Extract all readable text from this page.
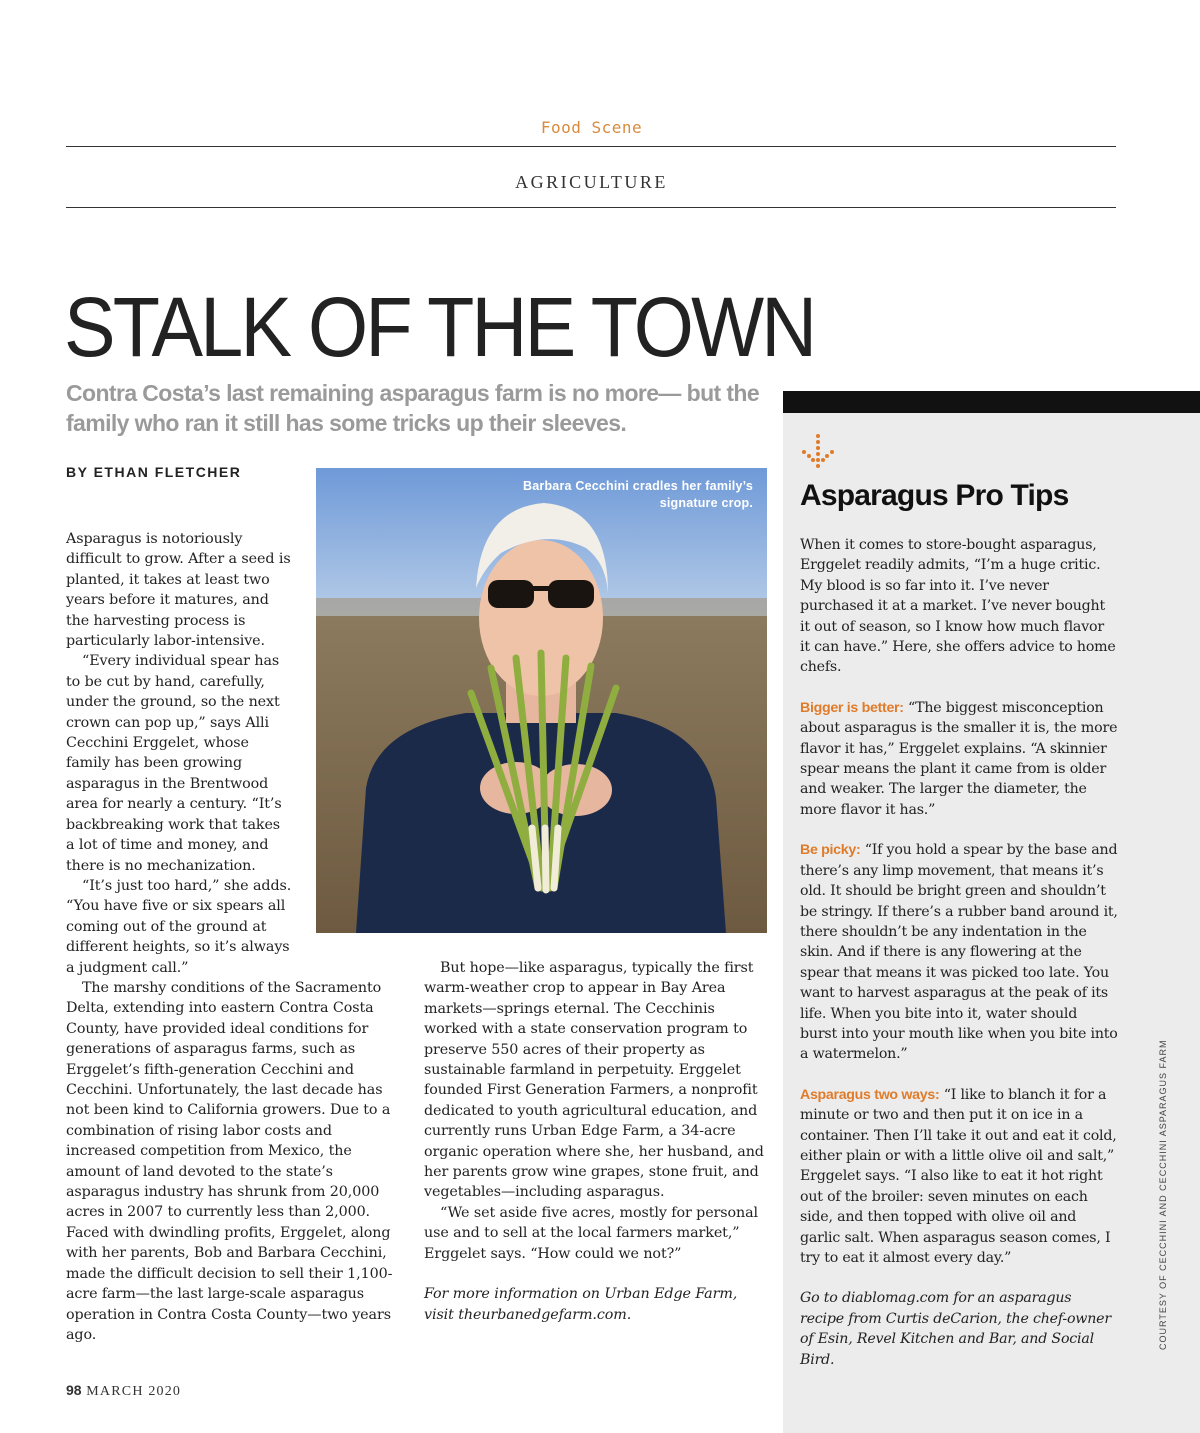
Food Scene
AGRICULTURE
STALK OF THE TOWN
Contra Costa’s last remaining asparagus farm is no more— but the family who ran it still has some tricks up their sleeves.
BY ETHAN FLETCHER
Barbara Cecchini cradles her family’s signature crop.

Asparagus is notoriously difficult to grow. After a seed is planted, it takes at least two years before it matures, and the harvesting process is particularly labor-intensive.

“Every individual spear has to be cut by hand, carefully, under the ground, so the next crown can pop up,” says Alli Cecchini Erggelet, whose family has been growing asparagus in the Brentwood area for nearly a century. “It’s backbreaking work that takes a lot of time and money, and there is no mechanization.

“It’s just too hard,” she adds. “You have five or six spears all coming out of the ground at different heights, so it’s always a judgment call.”

The marshy conditions of the Sacramento Delta, extending into eastern Contra Costa County, have provided ideal conditions for generations of asparagus farms, such as Erggelet’s fifth-generation Cecchini and Cecchini. Unfortunately, the last decade has not been kind to California growers. Due to a combination of rising labor costs and increased competition from Mexico, the amount of land devoted to the state’s asparagus industry has shrunk from 20,000 acres in 2007 to currently less than 2,000. Faced with dwindling profits, Erggelet, along with her parents, Bob and Barbara Cecchini, made the difficult decision to sell their 1,100-acre farm—the last large-scale asparagus operation in Contra Costa County—two years ago.

But hope—like asparagus, typically the first warm-weather crop to appear in Bay Area markets—springs eternal. The Cecchinis worked with a state conservation program to preserve 550 acres of their property as sustainable farmland in perpetuity. Erggelet founded First Generation Farmers, a nonprofit dedicated to youth agricultural education, and currently runs Urban Edge Farm, a 34-acre organic operation where she, her husband, and her parents grow wine grapes, stone fruit, and vegetables—including asparagus.

“We set aside five acres, mostly for personal use and to sell at the local farmers market,” Erggelet says. “How could we not?”

For more information on Urban Edge Farm, visit theurbanedgefarm.com.

98 MARCH 2020
Asparagus Pro Tips

When it comes to store-bought asparagus, Erggelet readily admits, “I’m a huge critic. My blood is so far into it. I’ve never purchased it at a market. I’ve never bought it out of season, so I know how much flavor it can have.” Here, she offers advice to home chefs.

Bigger is better: “The biggest misconception about asparagus is the smaller it is, the more flavor it has,” Erggelet explains. “A skinnier spear means the plant it came from is older and weaker. The larger the diameter, the more flavor it has.”

Be picky: “If you hold a spear by the base and there’s any limp movement, that means it’s old. It should be bright green and shouldn’t be stringy. If there’s a rubber band around it, there shouldn’t be any indentation in the skin. And if there is any flowering at the spear that means it was picked too late. You want to harvest asparagus at the peak of its life. When you bite into it, water should burst into your mouth like when you bite into a watermelon.”

Asparagus two ways: “I like to blanch it for a minute or two and then put it on ice in a container. Then I’ll take it out and eat it cold, either plain or with a little olive oil and salt,” Erggelet says. “I also like to eat it hot right out of the broiler: seven minutes on each side, and then topped with olive oil and garlic salt. When asparagus season comes, I try to eat it almost every day.”

Go to diablomag.com for an asparagus recipe from Curtis deCarion, the chef-owner of Esin, Revel Kitchen and Bar, and Social Bird.

COURTESY OF CECCHINI AND CECCHINI ASPARAGUS FARM
